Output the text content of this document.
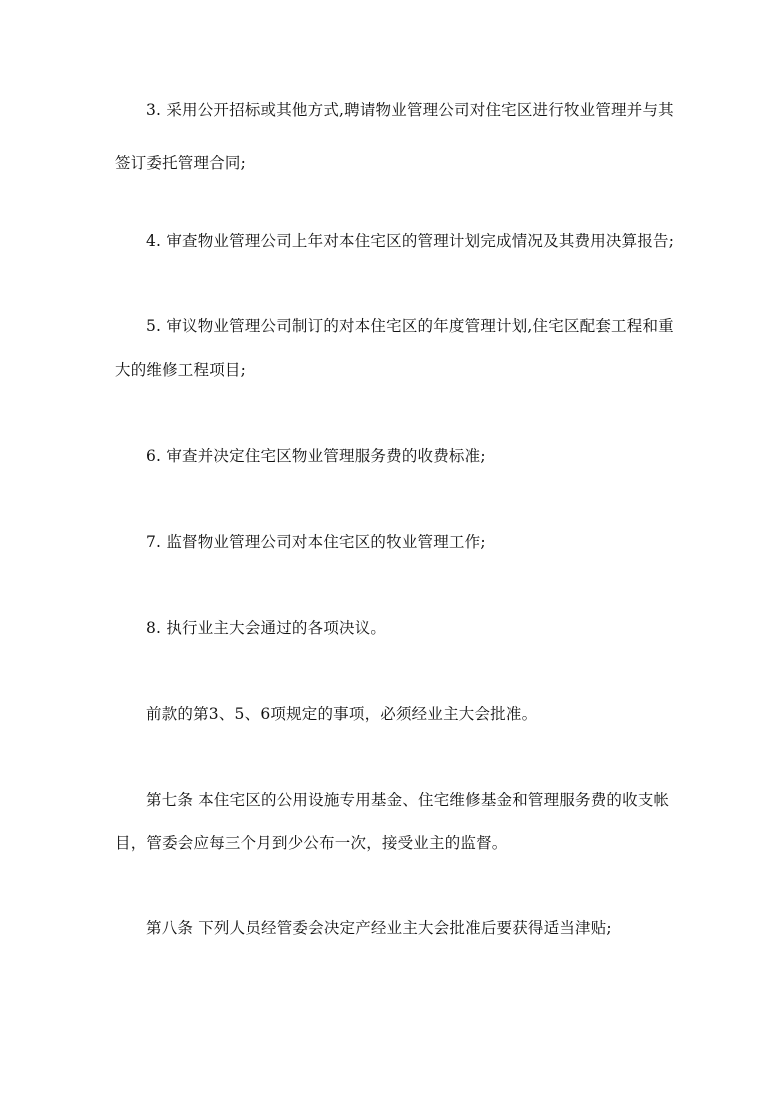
3. 采用公开招标或其他方式,聘请物业管理公司对住宅区进行牧业管理并与其
签订委托管理合同;
4. 审查物业管理公司上年对本住宅区的管理计划完成情况及其费用决算报告;
5. 审议物业管理公司制订的对本住宅区的年度管理计划,住宅区配套工程和重
大的维修工程项目;
6. 审查并决定住宅区物业管理服务费的收费标准;
7. 监督物业管理公司对本住宅区的牧业管理工作;
8. 执行业主大会通过的各项决议。
前款的第3、5、6项规定的事项，必须经业主大会批准。
第七条 本住宅区的公用设施专用基金、住宅维修基金和管理服务费的收支帐
目，管委会应每三个月到少公布一次，接受业主的监督。
第八条 下列人员经管委会决定产经业主大会批准后要获得适当津贴;
